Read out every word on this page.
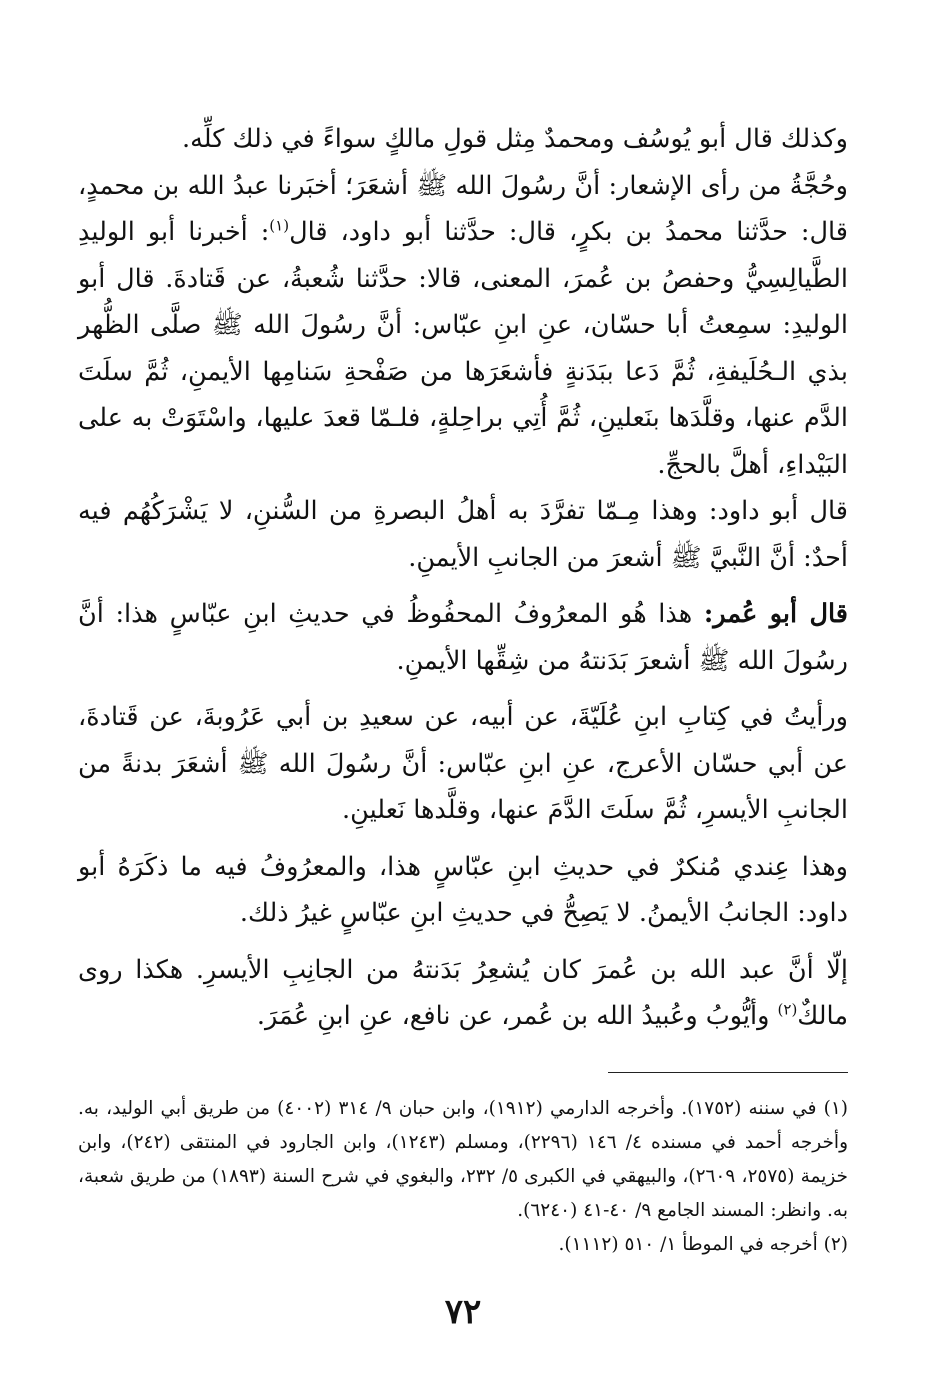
وكذلك قال أبو يُوسُف ومحمدٌ مِثل قولِ مالكٍ سواءً في ذلك كلِّه.

وحُجَّةُ من رأى الإشعار: أنَّ رسُولَ الله ﷺ أشعَرَ؛ أخبَرنا عبدُ الله بن محمدٍ، قال: حدَّثنا محمدُ بن بكرٍ، قال: حدَّثنا أبو داود، قال$^{(١)}$: أخبرنا أبو الوليدِ الطَّيالِسِيُّ وحفصُ بن عُمرَ، المعنى، قالا: حدَّثنا شُعبةُ، عن قَتادةَ. قال أبو الوليدِ: سمِعتُ أبا حسّان، عنِ ابنِ عبّاس: أنَّ رسُولَ الله ﷺ صلَّى الظُّهر بذي الـحُلَيفةِ، ثُمَّ دَعا ببَدَنةٍ فأشعَرَها من صَفْحةِ سَنامِها الأيمنِ، ثُمَّ سلَتَ الدَّم عنها، وقلَّدَها بنَعلينِ، ثُمَّ أُتِي براحِلةٍ، فلـمّا قعدَ عليها، واسْتَوَتْ به على البَيْداءِ، أهلَّ بالحجِّ.

قال أبو داود: وهذا مِـمّا تفرَّدَ به أهلُ البصرةِ من السُّننِ، لا يَشْرَكُهُم فيه أحدٌ: أنَّ النَّبيَّ ﷺ أشعرَ من الجانبِ الأيمنِ.

قال أبو عُمر: هذا هُو المعرُوفُ المحفُوظُ في حديثِ ابنِ عبّاسٍ هذا: أنَّ رسُولَ الله ﷺ أشعرَ بَدَنتهُ من شِقِّها الأيمنِ.

ورأيتُ في كِتابِ ابنِ عُلَيّةَ، عن أبيه، عن سعيدِ بن أبي عَرُوبةَ، عن قَتادةَ، عن أبي حسّان الأعرج، عنِ ابنِ عبّاس: أنَّ رسُولَ الله ﷺ أشعَرَ بدنةً من الجانبِ الأيسرِ، ثُمَّ سلَتَ الدَّمَ عنها، وقلَّدها نَعلينِ.

وهذا عِندي مُنكرٌ في حديثِ ابنِ عبّاسٍ هذا، والمعرُوفُ فيه ما ذكَرَهُ أبو داود: الجانبُ الأيمنُ. لا يَصِحُّ في حديثِ ابنِ عبّاسٍ غيرُ ذلك.

إلّا أنَّ عبد الله بن عُمرَ كان يُشعِرُ بَدَنتهُ من الجانِبِ الأيسرِ. هكذا روى مالكٌ$^{(٢)}$ وأيُّوبُ وعُبيدُ الله بن عُمر، عن نافع، عنِ ابنِ عُمَرَ.

(١) في سننه (١٧٥٢). وأخرجه الدارمي (١٩١٢)، وابن حبان ٩/ ٣١٤ (٤٠٠٢) من طريق أبي الوليد، به. وأخرجه أحمد في مسنده ٤/ ١٤٦ (٢٢٩٦)، ومسلم (١٢٤٣)، وابن الجارود في المنتقى (٢٤٢)، وابن خزيمة (٢٥٧٥، ٢٦٠٩)، والبيهقي في الكبرى ٥/ ٢٣٢، والبغوي في شرح السنة (١٨٩٣) من طريق شعبة، به. وانظر: المسند الجامع ٩/ ٤٠-٤١ (٦٢٤٠).

(٢) أخرجه في الموطأ ١/ ٥١٠ (١١١٢).

٧٢
